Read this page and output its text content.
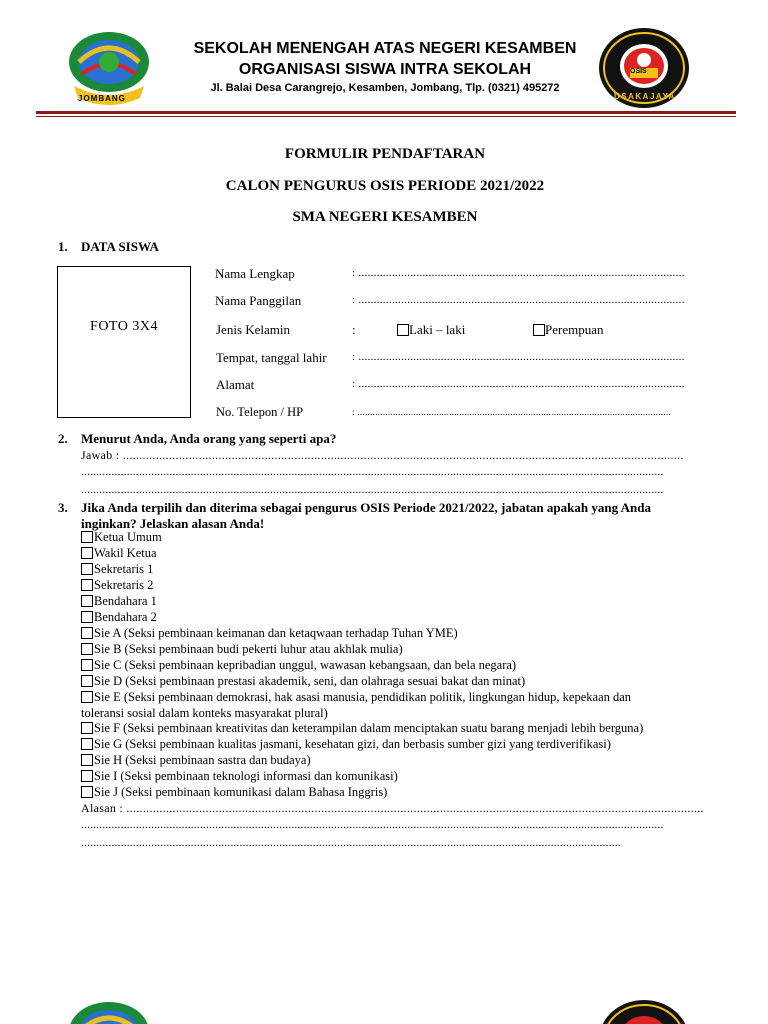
JOMBANG
OSIS
USAKAJAYA
SEKOLAH MENENGAH ATAS NEGERI KESAMBEN
ORGANISASI SISWA INTRA SEKOLAH
Jl. Balai Desa Carangrejo, Kesamben, Jombang, Tlp. (0321) 495272
FORMULIR PENDAFTARAN
CALON PENGURUS OSIS PERIODE 2021/2022
SMA NEGERI KESAMBEN
1. DATA SISWA
FOTO 3X4
Nama Lengkap	: ...........................................................................................................
Nama Panggilan	: ...........................................................................................................
Jenis Kelamin	:	Laki – laki	Perempuan
Tempat, tanggal lahir : ...........................................................................................................
Alamat	: ...........................................................................................................
No. Telepon / HP	: ...........................................................................................................................
2. Menurut Anda, Anda orang yang seperti apa?
Jawab : ..........................................................................................................................................................................
...............................................................................................................................................................................................
...............................................................................................................................................................................................
3. Jika Anda terpilih dan diterima sebagai pengurus OSIS Periode 2021/2022, jabatan apakah yang Anda
inginkan? Jelaskan alasan Anda!
Ketua Umum
Wakil Ketua
Sekretaris 1
Sekretaris 2
Bendahara 1
Bendahara 2
Sie A (Seksi pembinaan keimanan dan ketaqwaan terhadap Tuhan YME)
Sie B (Seksi pembinaan budi pekerti luhur atau akhlak mulia)
Sie C (Seksi pembinaan kepribadian unggul, wawasan kebangsaan, dan bela negara)
Sie D (Seksi pembinaan prestasi akademik, seni, dan olahraga sesuai bakat dan minat)
Sie E (Seksi pembinaan demokrasi, hak asasi manusia, pendidikan politik, lingkungan hidup, kepekaan dan
Sie F (Seksi pembinaan kreativitas dan keterampilan dalam menciptakan suatu barang menjadi lebih berguna)
Sie G (Seksi pembinaan kualitas jasmani, kesehatan gizi, dan berbasis sumber gizi yang terdiverifikasi)
Sie H (Seksi pembinaan sastra dan budaya)
Sie I (Seksi pembinaan teknologi informasi dan komunikasi)
Sie J (Seksi pembinaan komunikasi dalam Bahasa Inggris)
toleransi sosial dalam konteks masyarakat plural)
Alasan : ...............................................................................................................................................................................
...............................................................................................................................................................................................
.................................................................................................................................................................................
